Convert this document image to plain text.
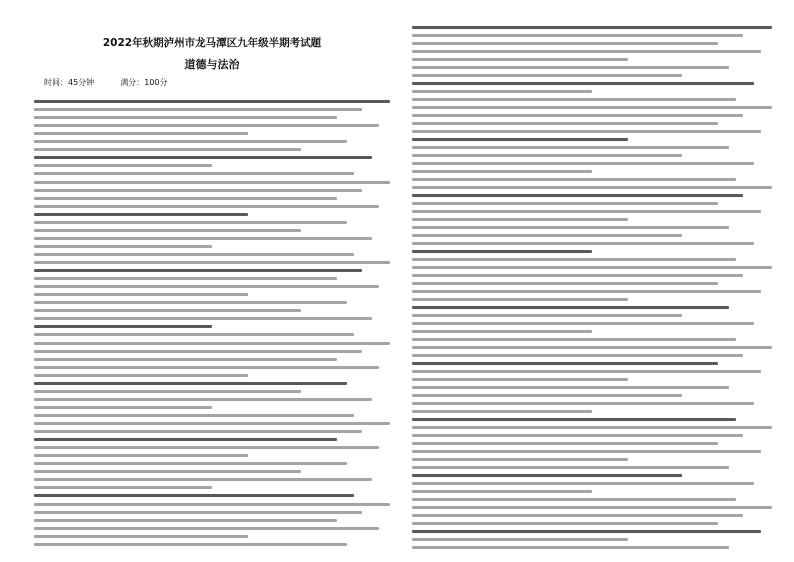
2022年秋期泸州市龙马潭区九年级半期考试题
道德与法治
时间：45分钟	满分：100分
